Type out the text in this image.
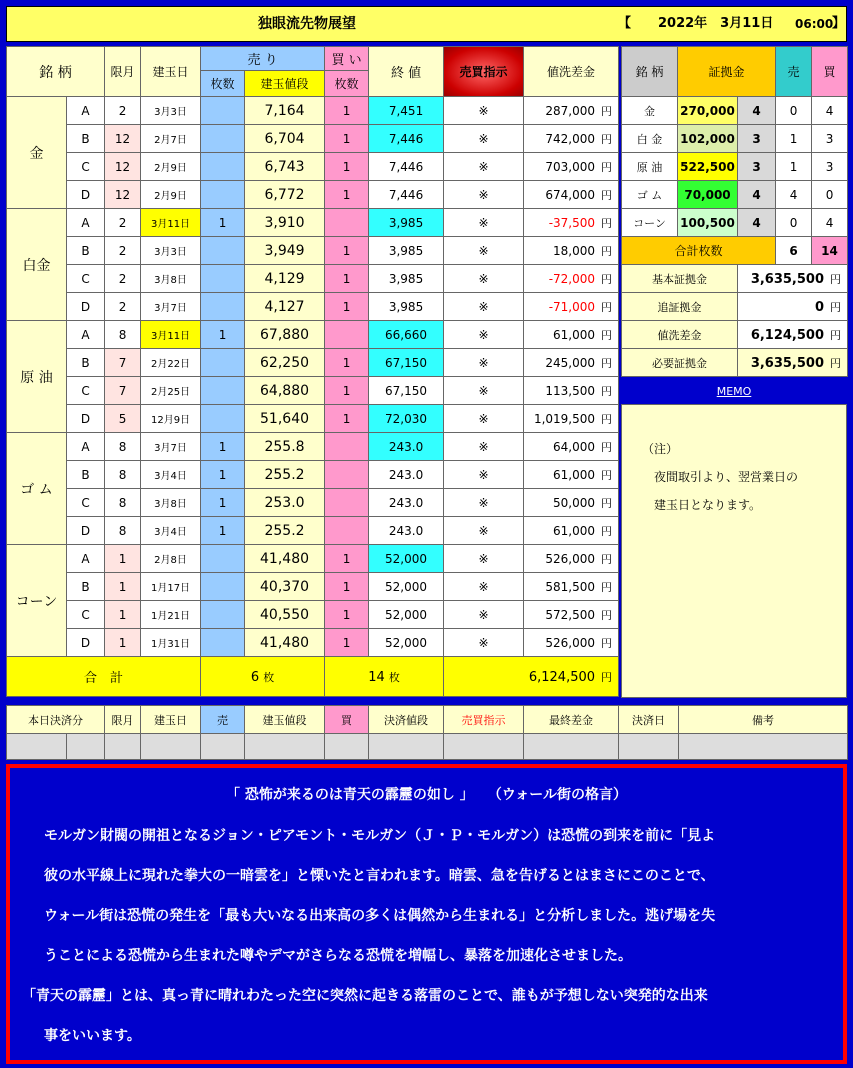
独眼流先物展望	【 2022年　3月11日 06:00
】
銘 柄		限月	建玉日	売 り		買 い	終 値	売買指示	値洗差金
				枚数	建玉値段	枚数			
金	A	2	3月3日		7,164	1	7,451	※	287,000 円
	B	12	2月7日		6,704	1	7,446	※	742,000 円
	C	12	2月9日		6,743	1	7,446	※	703,000 円
	D	12	2月9日		6,772	1	7,446	※	674,000 円
白金	A	2	3月11日	1	3,910		3,985	※	-37,500 円
	B	2	3月3日		3,949	1	3,985	※	18,000 円
	C	2	3月8日		4,129	1	3,985	※	-72,000 円
	D	2	3月7日		4,127	1	3,985	※	-71,000 円
原 油	A	8	3月11日	1	67,880		66,660	※	61,000 円
	B	7	2月22日		62,250	1	67,150	※	245,000 円
	C	7	2月25日		64,880	1	67,150	※	113,500 円
	D	5	12月9日		51,640	1	72,030	※	1,019,500 円
ゴ ム	A	8	3月7日	1	255.8		243.0	※	64,000 円
	B	8	3月4日	1	255.2		243.0	※	61,000 円
	C	8	3月8日	1	253.0		243.0	※	50,000 円
	D	8	3月4日	1	255.2		243.0	※	61,000 円
コーン	A	1	2月8日		41,480	1	52,000	※	526,000 円
	B	1	1月17日		40,370	1	52,000	※	581,500 円
	C	1	1月21日		40,550	1	52,000	※	572,500 円
	D	1	1月31日		41,480	1	52,000	※	526,000 円
合　計				6 枚		14 枚		6,124,500 円	
銘 柄	証拠金		売	買
金	270,000	4	0	4
白 金	102,000	3	1	3
原 油	522,500	3	1	3
ゴ ム	70,000	4	4	0
コーン	100,500	4	0	4
合計枚数			6	14
基本証拠金		3,635,500 円		
追証拠金		0 円		
値洗差金		6,124,500 円		
必要証拠金		3,635,500 円		
MEMO
（注）
夜間取引より、翌営業日の
建玉日となります。
本日決済分		限月	建玉日	売	建玉値段	買	決済値段	売買指示	最終差金	決済日	備考

「 恐怖が来るのは青天の霹靂の如し 」　　（ウォール街の格言）

　モルガン財閥の開祖となるジョン・ピアモント・モルガン（Ｊ・Ｐ・モルガン）は恐慌の到来を前に「見よ

　彼の水平線上に現れた拳大の一暗雲を」と慄いたと言われます。暗雲、急を告げるとはまさにこのことで、

　ウォール街は恐慌の発生を「最も大いなる出来高の多くは偶然から生まれる」と分析しました。逃げ場を失

　うことによる恐慌から生まれた噂やデマがさらなる恐慌を増幅し、暴落を加速化させました。

「青天の霹靂」とは、真っ青に晴れわたった空に突然に起きる落雷のことで、誰もが予想しない突発的な出来

　事をいいます。
